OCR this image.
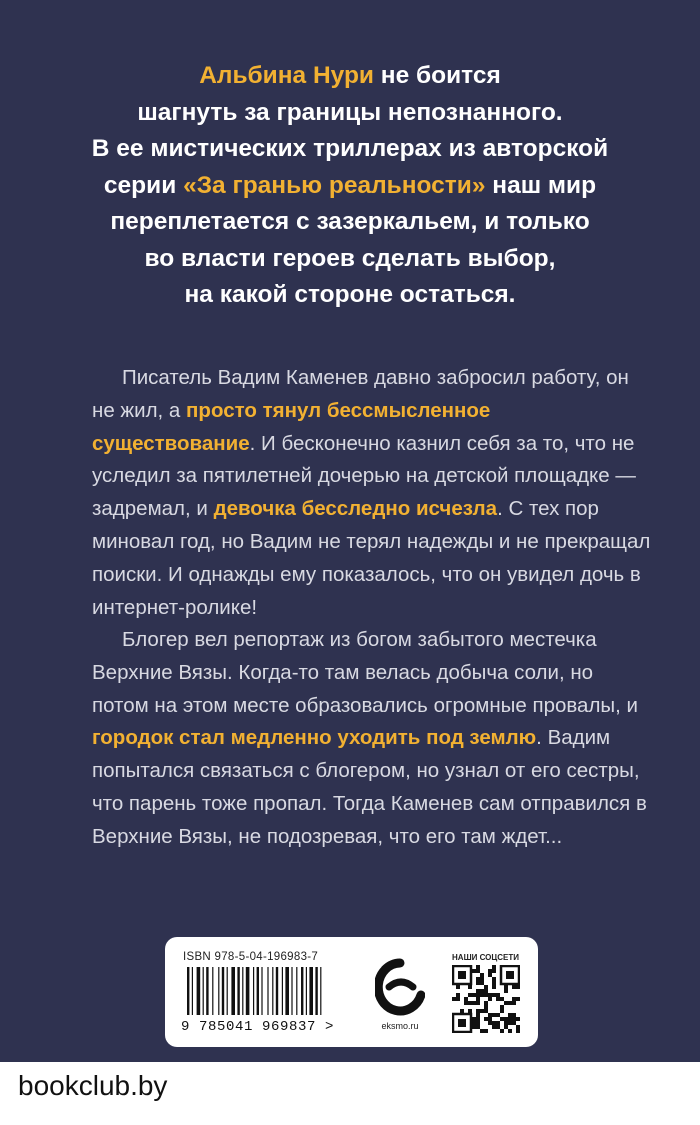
Альбина Нури не боится
шагнуть за границы непознанного.
В ее мистических триллерах из авторской
серии «За гранью реальности» наш мир
переплетается с зазеркальем, и только
во власти героев сделать выбор,
на какой стороне остаться.

Писатель Вадим Каменев давно забросил работу, он не жил, а просто тянул бессмысленное существование. И бесконечно казнил себя за то, что не уследил за пятилетней дочерью на детской площадке — задремал, и девочка бесследно исчезла. С тех пор миновал год, но Вадим не терял надежды и не прекращал поиски. И однажды ему показалось, что он увидел дочь в интернет-ролике!

Блогер вел репортаж из богом забытого местечка Верхние Вязы. Когда-то там велась добыча соли, но потом на этом месте образовались огромные провалы, и городок стал медленно уходить под землю. Вадим попытался связаться с блогером, но узнал от его сестры, что парень тоже пропал. Тогда Каменев сам отправился в Верхние Вязы, не подозревая, что его там ждет...

ISBN 978-5-04-196983-7
9 785041 969837 >	eksmo.ru
НАШИ СОЦСЕТИ
bookclub.by
